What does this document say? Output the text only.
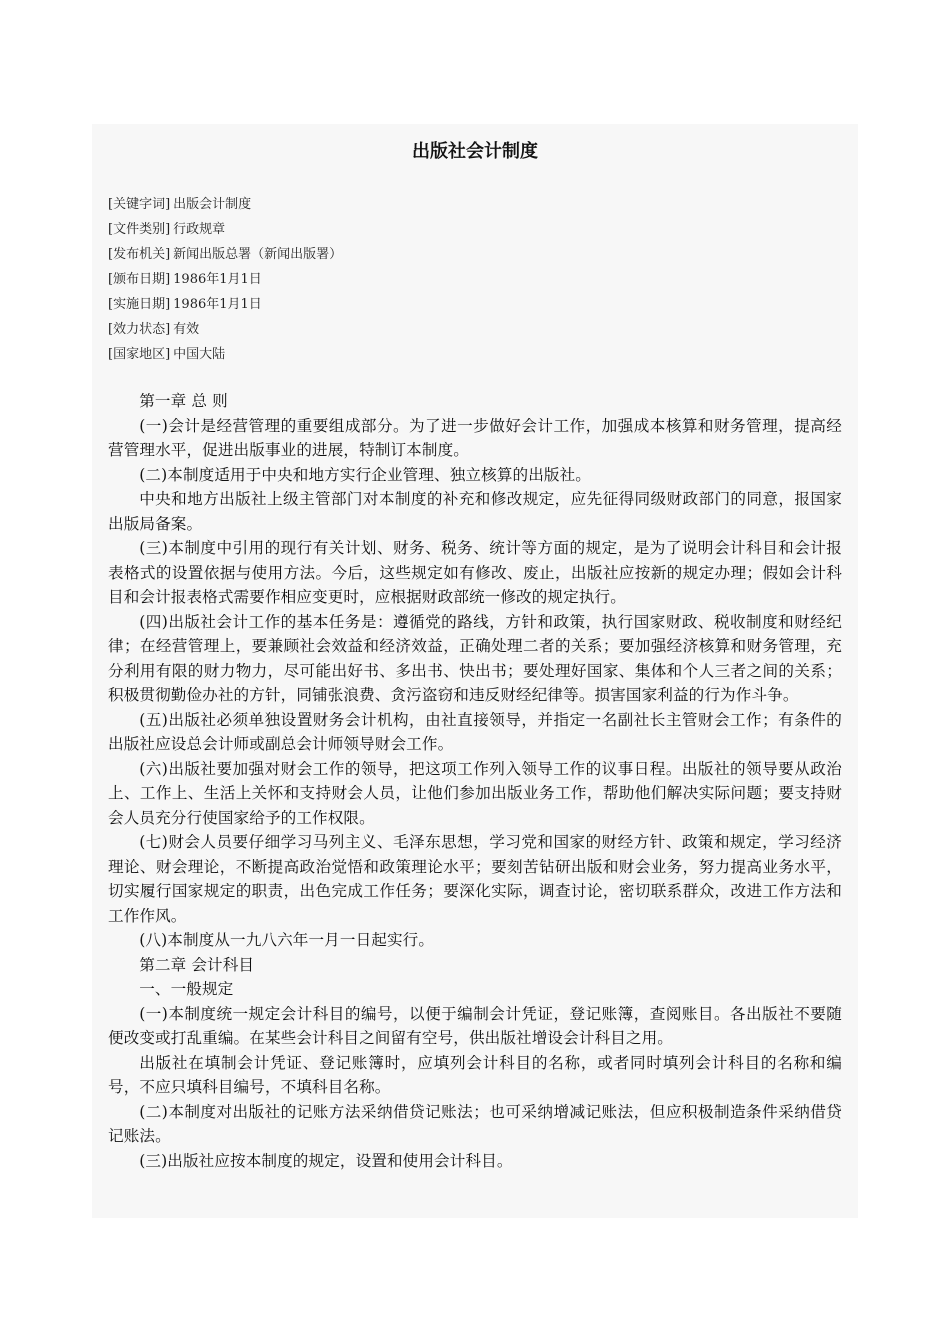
出版社会计制度
[关键字词] 出版会计制度
[文件类别] 行政规章
[发布机关] 新闻出版总署（新闻出版署）
[颁布日期] 1986年1月1日
[实施日期] 1986年1月1日
[效力状态] 有效
[国家地区] 中国大陆

第一章 总 则

(一)会计是经营管理的重要组成部分。为了进一步做好会计工作，加强成本核算和财务管理，提高经营管理水平，促进出版事业的进展，特制订本制度。

(二)本制度适用于中央和地方实行企业管理、独立核算的出版社。

中央和地方出版社上级主管部门对本制度的补充和修改规定，应先征得同级财政部门的同意，报国家出版局备案。

(三)本制度中引用的现行有关计划、财务、税务、统计等方面的规定，是为了说明会计科目和会计报表格式的设置依据与使用方法。今后，这些规定如有修改、废止，出版社应按新的规定办理；假如会计科目和会计报表格式需要作相应变更时，应根据财政部统一修改的规定执行。

(四)出版社会计工作的基本任务是：遵循党的路线，方针和政策，执行国家财政、税收制度和财经纪律；在经营管理上，要兼顾社会效益和经济效益，正确处理二者的关系；要加强经济核算和财务管理，充分利用有限的财力物力，尽可能出好书、多出书、快出书；要处理好国家、集体和个人三者之间的关系；积极贯彻勤俭办社的方针，同铺张浪费、贪污盗窃和违反财经纪律等。损害国家利益的行为作斗争。

(五)出版社必须单独设置财务会计机构，由社直接领导，并指定一名副社长主管财会工作；有条件的出版社应设总会计师或副总会计师领导财会工作。

(六)出版社要加强对财会工作的领导，把这项工作列入领导工作的议事日程。出版社的领导要从政治上、工作上、生活上关怀和支持财会人员，让他们参加出版业务工作，帮助他们解决实际问题；要支持财会人员充分行使国家给予的工作权限。

(七)财会人员要仔细学习马列主义、毛泽东思想，学习党和国家的财经方针、政策和规定，学习经济理论、财会理论，不断提高政治觉悟和政策理论水平；要刻苦钻研出版和财会业务，努力提高业务水平，切实履行国家规定的职责，出色完成工作任务；要深化实际，调查讨论，密切联系群众，改进工作方法和工作作风。

(八)本制度从一九八六年一月一日起实行。

第二章 会计科目

一、一般规定

(一)本制度统一规定会计科目的编号，以便于编制会计凭证，登记账簿，查阅账目。各出版社不要随便改变或打乱重编。在某些会计科目之间留有空号，供出版社增设会计科目之用。

出版社在填制会计凭证、登记账簿时，应填列会计科目的名称，或者同时填列会计科目的名称和编号，不应只填科目编号，不填科目名称。

(二)本制度对出版社的记账方法采纳借贷记账法；也可采纳增减记账法，但应积极制造条件采纳借贷记账法。

(三)出版社应按本制度的规定，设置和使用会计科目。
